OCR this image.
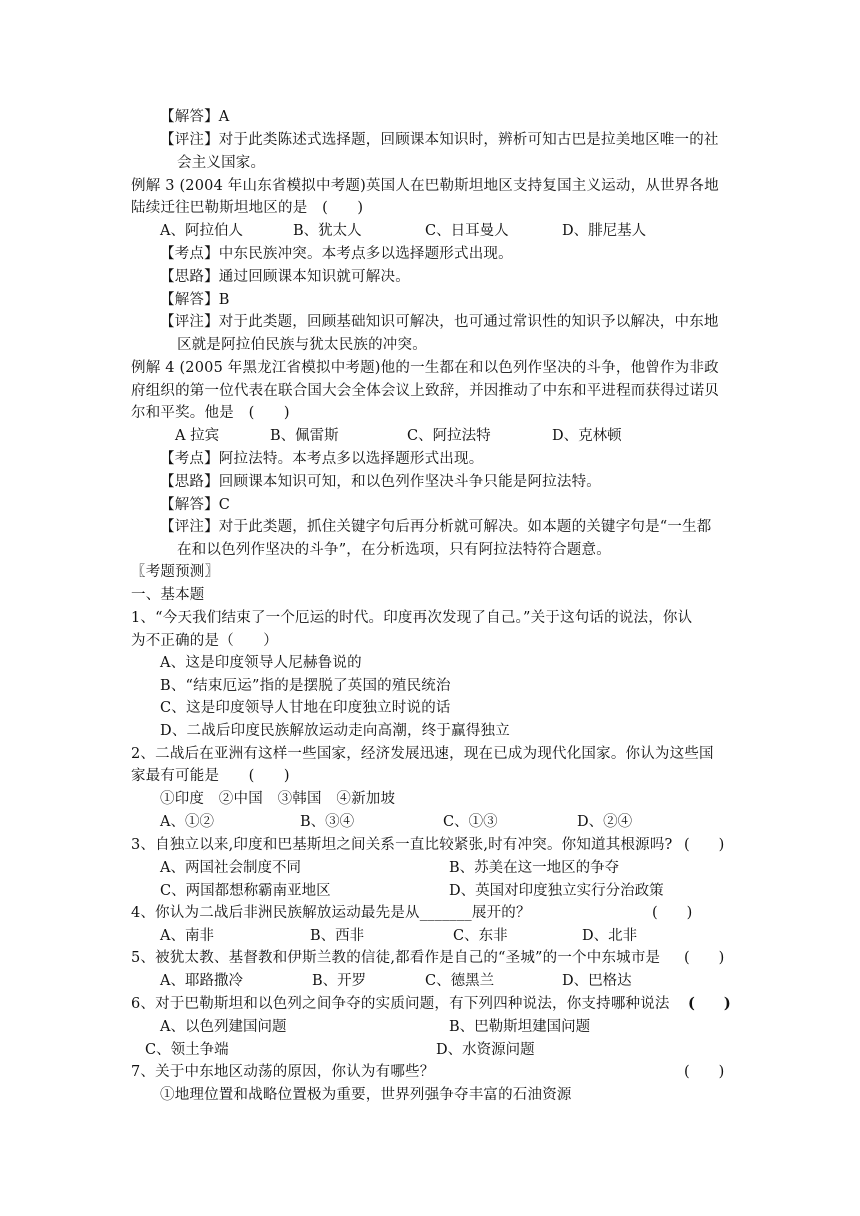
【解答】A
【评注】对于此类陈述式选择题，回顾课本知识时，辨析可知古巴是拉美地区唯一的社
会主义国家。
例解 3 (2004 年山东省模拟中考题)英国人在巴勒斯坦地区支持复国主义运动，从世界各地
陆续迁往巴勒斯坦地区的是　(　　)
A、阿拉伯人	B、犹太人	C、日耳曼人	D、腓尼基人
【考点】中东民族冲突。本考点多以选择题形式出现。
【思路】通过回顾课本知识就可解决。
【解答】B
【评注】对于此类题，回顾基础知识可解决，也可通过常识性的知识予以解决，中东地
区就是阿拉伯民族与犹太民族的冲突。
例解 4 (2005 年黑龙江省模拟中考题)他的一生都在和以色列作坚决的斗争，他曾作为非政
府组织的第一位代表在联合国大会全体会议上致辞，并因推动了中东和平进程而获得过诺贝
尔和平奖。他是　(　　)
A 拉宾	B、佩雷斯	C、阿拉法特	D、克林顿
【考点】阿拉法特。本考点多以选择题形式出现。
【思路】回顾课本知识可知，和以色列作坚决斗争只能是阿拉法特。
【解答】C
【评注】对于此类题，抓住关键字句后再分析就可解决。如本题的关键字句是“一生都
在和以色列作坚决的斗争”，在分析选项，只有阿拉法特符合题意。
〖考题预测〗
一、基本题
1、“今天我们结束了一个厄运的时代。印度再次发现了自己。”关于这句话的说法，你认
为不正确的是（　　）
A、这是印度领导人尼赫鲁说的
B、“结束厄运”指的是摆脱了英国的殖民统治
C、这是印度领导人甘地在印度独立时说的话
D、二战后印度民族解放运动走向高潮，终于赢得独立
2、二战后在亚洲有这样一些国家，经济发展迅速，现在已成为现代化国家。你认为这些国
家最有可能是　　(　　)
①印度　②中国　③韩国　④新加坡
A、①②	B、③④	C、①③	D、②④
3、自独立以来,印度和巴基斯坦之间关系一直比较紧张,时有冲突。你知道其根源吗? (　　)
A、两国社会制度不同	B、苏美在这一地区的争夺
C、两国都想称霸南亚地区	D、英国对印度独立实行分治政策
4、你认为二战后非洲民族解放运动最先是从_______展开的？	(　　)
A、南非	B、西非	C、东非	D、北非
5、被犹太教、基督教和伊斯兰教的信徒,都看作是自己的“圣城”的一个中东城市是 (　　)
A、耶路撒冷	B、开罗	C、德黑兰	D、巴格达
6、对于巴勒斯坦和以色列之间争夺的实质问题，有下列四种说法，你支持哪种说法 (　　)
A、以色列建国问题	B、巴勒斯坦建国问题
C、领土争端	D、水资源问题
7、关于中东地区动荡的原因，你认为有哪些？	(　　)
①地理位置和战略位置极为重要，世界列强争夺丰富的石油资源
